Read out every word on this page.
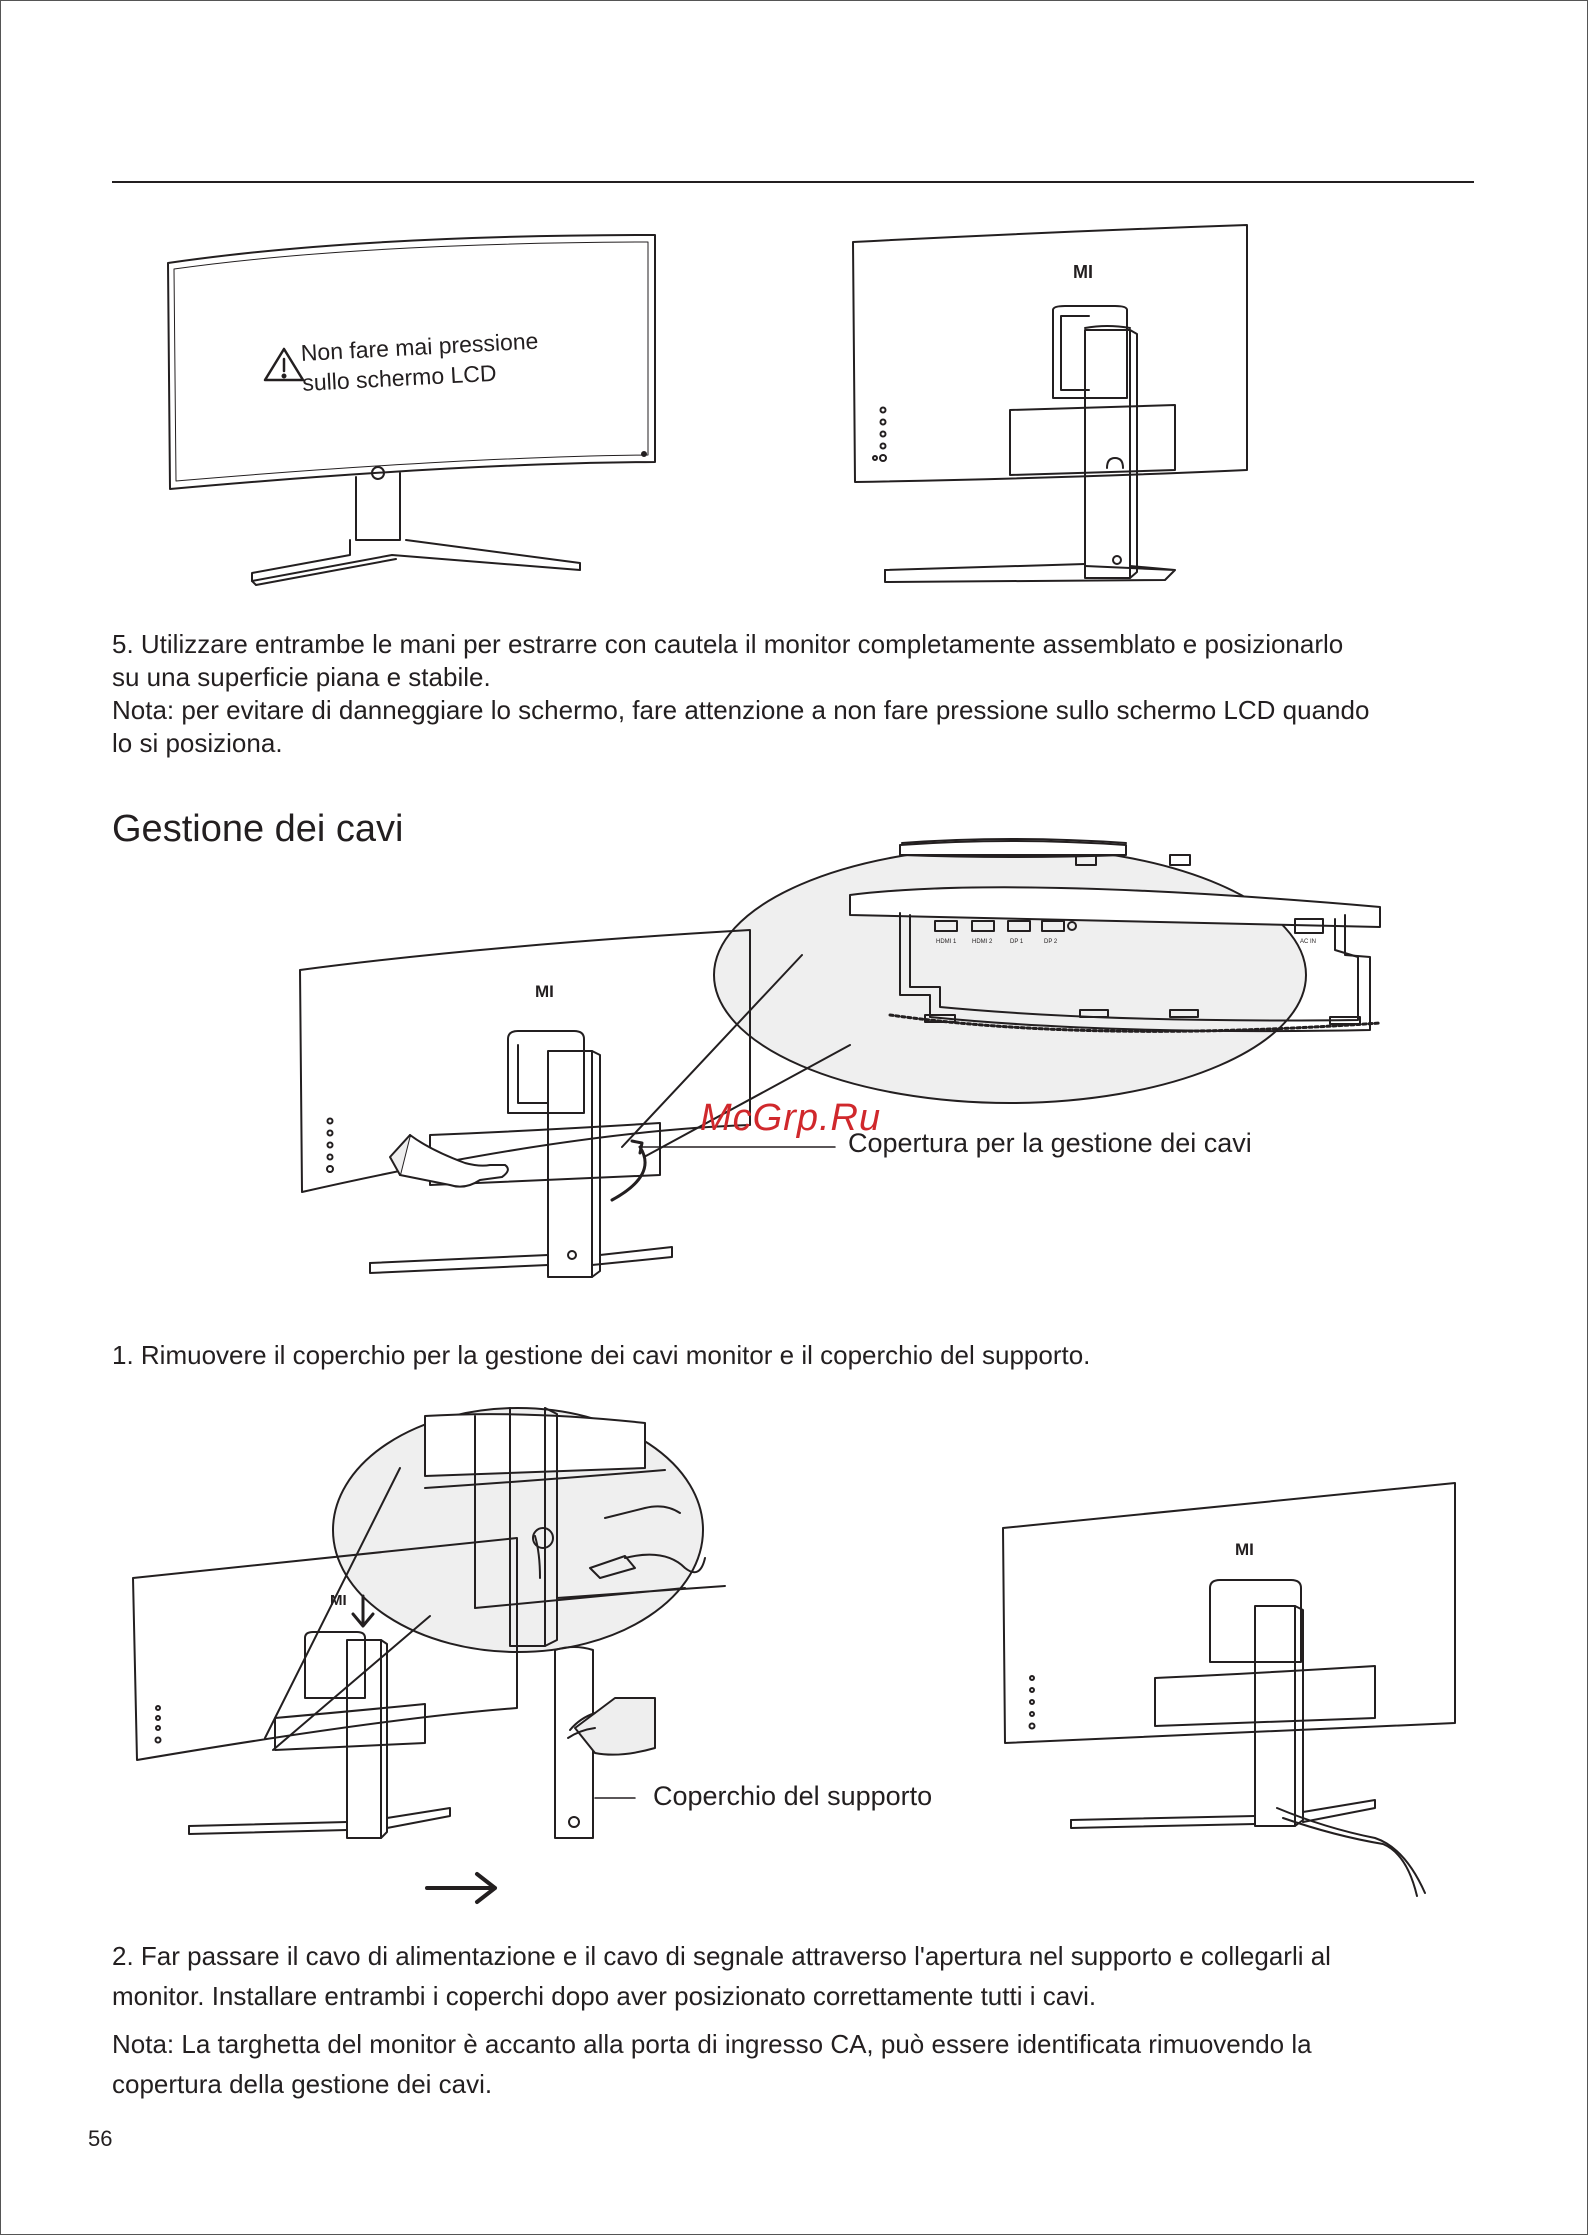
Non fare mai pressione
sullo schermo LCD
MI
5. Utilizzare entrambe le mani per estrarre con cautela il monitor completamente assemblato e posizionarlo
su una superficie piana e stabile.
Nota: per evitare di danneggiare lo schermo, fare attenzione a non fare pressione sullo schermo LCD quando
lo si posiziona.
Gestione dei cavi
HDMI 1	HDMI 2	DP 1	DP 2	AC IN
MI
McGrp.Ru
Copertura per la gestione dei cavi
1. Rimuovere il coperchio per la gestione dei cavi monitor e il coperchio del supporto.
MI
MI
Coperchio del supporto
2. Far passare il cavo di alimentazione e il cavo di segnale attraverso l'apertura nel supporto e collegarli al
monitor. Installare entrambi i coperchi dopo aver posizionato correttamente tutti i cavi.
Nota: La targhetta del monitor è accanto alla porta di ingresso CA, può essere identificata rimuovendo la
copertura della gestione dei cavi.
56
